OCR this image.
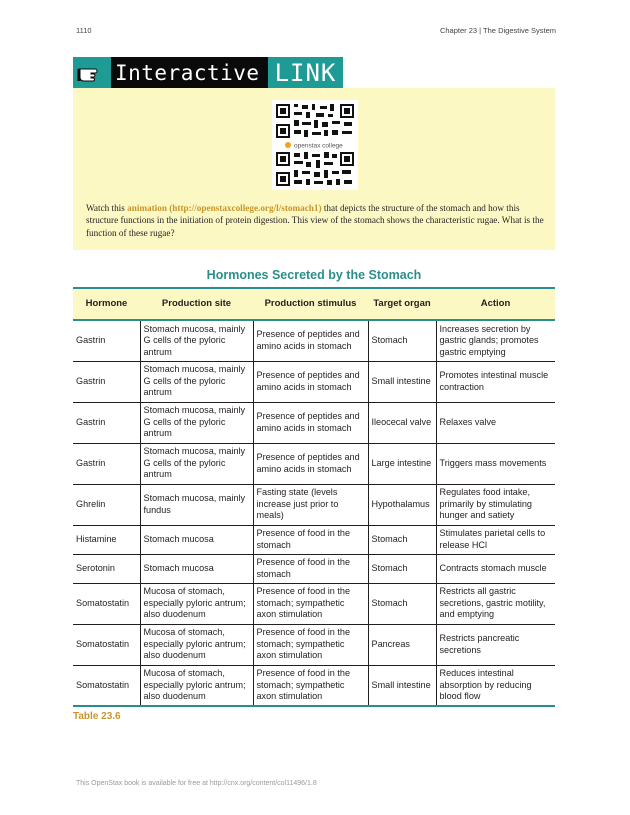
1110	Chapter 23 | The Digestive System
Interactive LINK
openstax college
Watch this animation (http://openstaxcollege.org/l/stomach1) that depicts the structure of the stomach and how this structure functions in the initiation of protein digestion. This view of the stomach shows the characteristic rugae. What is the function of these rugae?
Hormones Secreted by the Stomach
Hormone	Production site	Production stimulus	Target organ	Action
Gastrin	Stomach mucosa, mainly G cells of the pyloric antrum	Presence of peptides and amino acids in stomach	Stomach	Increases secretion by gastric glands; promotes gastric emptying
Gastrin	Stomach mucosa, mainly G cells of the pyloric antrum	Presence of peptides and amino acids in stomach	Small intestine	Promotes intestinal muscle contraction
Gastrin	Stomach mucosa, mainly G cells of the pyloric antrum	Presence of peptides and amino acids in stomach	Ileocecal valve	Relaxes valve
Gastrin	Stomach mucosa, mainly G cells of the pyloric antrum	Presence of peptides and amino acids in stomach	Large intestine	Triggers mass movements
Ghrelin	Stomach mucosa, mainly fundus	Fasting state (levels increase just prior to meals)	Hypothalamus	Regulates food intake, primarily by stimulating hunger and satiety
Histamine	Stomach mucosa	Presence of food in the stomach	Stomach	Stimulates parietal cells to release HCl
Serotonin	Stomach mucosa	Presence of food in the stomach	Stomach	Contracts stomach muscle
Somatostatin	Mucosa of stomach, especially pyloric antrum; also duodenum	Presence of food in the stomach; sympathetic axon stimulation	Stomach	Restricts all gastric secretions, gastric motility, and emptying
Somatostatin	Mucosa of stomach, especially pyloric antrum; also duodenum	Presence of food in the stomach; sympathetic axon stimulation	Pancreas	Restricts pancreatic secretions
Somatostatin	Mucosa of stomach, especially pyloric antrum; also duodenum	Presence of food in the stomach; sympathetic axon stimulation	Small intestine	Reduces intestinal absorption by reducing blood flow
Table 23.6
This OpenStax book is available for free at http://cnx.org/content/col11496/1.8
